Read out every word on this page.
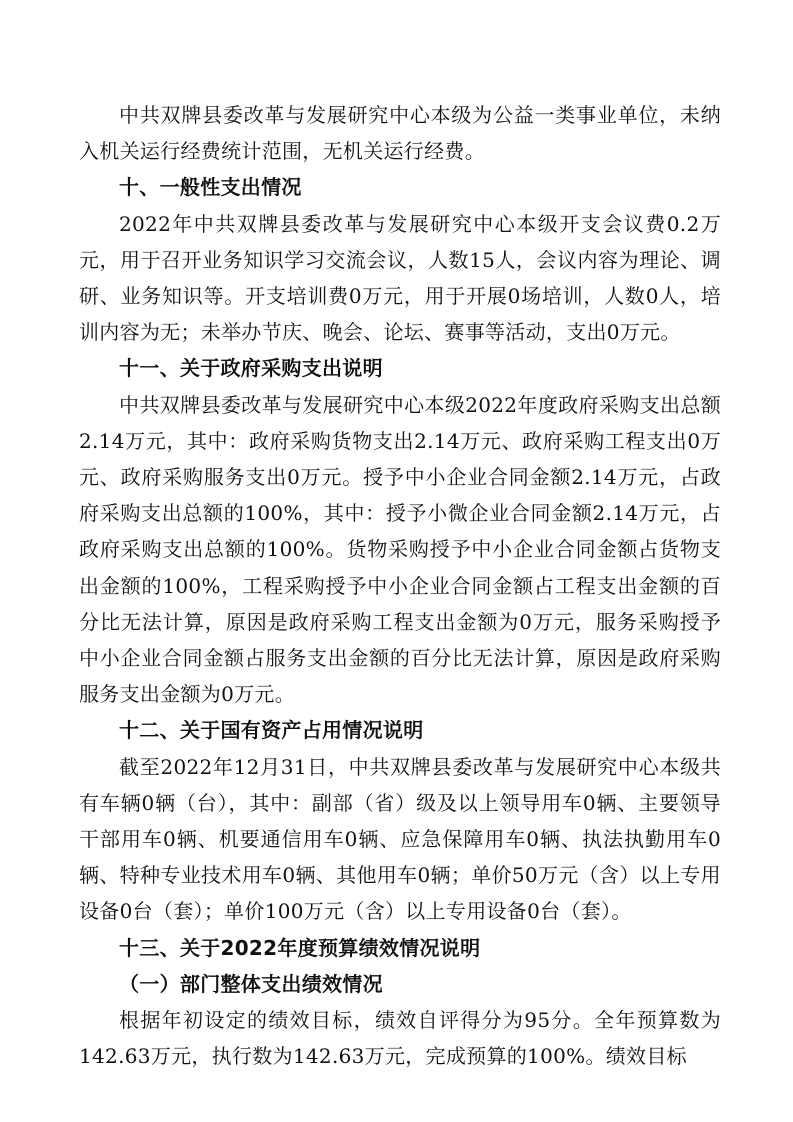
中共双牌县委改革与发展研究中心本级为公益一类事业单位，未纳入机关运行经费统计范围，无机关运行经费。

十、一般性支出情况

2022年中共双牌县委改革与发展研究中心本级开支会议费0.2万元，用于召开业务知识学习交流会议，人数15人，会议内容为理论、调研、业务知识等。开支培训费0万元，用于开展0场培训，人数0人，培训内容为无；未举办节庆、晚会、论坛、赛事等活动，支出0万元。

十一、关于政府采购支出说明

中共双牌县委改革与发展研究中心本级2022年度政府采购支出总额2.14万元，其中：政府采购货物支出2.14万元、政府采购工程支出0万元、政府采购服务支出0万元。授予中小企业合同金额2.14万元，占政府采购支出总额的100%，其中：授予小微企业合同金额2.14万元，占政府采购支出总额的100%。货物采购授予中小企业合同金额占货物支出金额的100%，工程采购授予中小企业合同金额占工程支出金额的百分比无法计算，原因是政府采购工程支出金额为0万元，服务采购授予中小企业合同金额占服务支出金额的百分比无法计算，原因是政府采购服务支出金额为0万元。

十二、关于国有资产占用情况说明

截至2022年12月31日，中共双牌县委改革与发展研究中心本级共有车辆0辆（台），其中：副部（省）级及以上领导用车0辆、主要领导干部用车0辆、机要通信用车0辆、应急保障用车0辆、执法执勤用车0辆、特种专业技术用车0辆、其他用车0辆；单价50万元（含）以上专用设备0台（套）；单价100万元（含）以上专用设备0台（套）。

十三、关于2022年度预算绩效情况说明

（一）部门整体支出绩效情况

根据年初设定的绩效目标，绩效自评得分为95分。全年预算数为142.63万元，执行数为142.63万元，完成预算的100%。绩效目标
